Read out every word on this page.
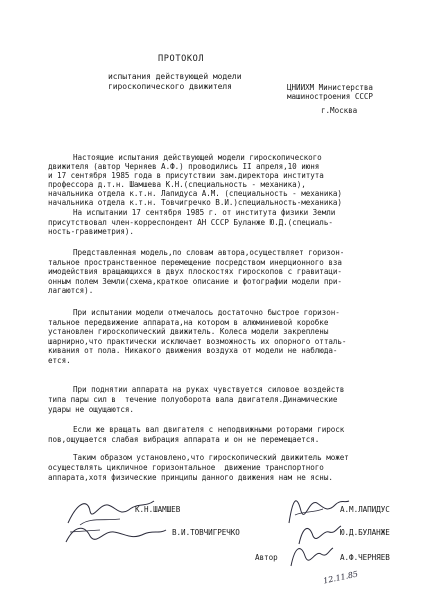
ПРОТОКОЛ
испытания действующей модели
гироскопического движителя	ЦНИИХМ Министерства
машиностроения СССР
г.Москва
Настоящие испытания действующей модели гироскопического
движителя (автор Черняев А.Ф.) проводились II апреля,10 июня
и 17 сентября 1985 года в присутствии зам.директора института
профессора д.т.н. Шамшева К.Н.(специальность - механика),
начальника отдела к.т.н. Лапидуса А.М. (специальность - механика)
начальника отдела к.т.н. Товчигречко В.И.)специальность-механика)
На испытании 17 сентября 1985 г. от института физики Земли
присутствовал член-корреспондент АН СССР Буланже Ю.Д.(специаль-
ность-гравиметрия).
Представленная модель,по словам автора,осуществляет горизон-
тальное пространственное перемещение посредством инерционного вза
имодействия вращающихся в двух плоскостях гироскопов с гравитаци-
онным полем Земли(схема,краткое описание и фотографии модели при-
лагаются).
При испытании модели отмечалось достаточно быстрое горизон-
тальное передвижение аппарата,на котором в алюминиевой коробке
установлен гироскопический движитель. Колеса модели закреплены
шарнирно,что практически исключает возможность их опорного отталь-
кивания от пола. Никакого движения воздуха от модели не наблюда-
ется.
При поднятии аппарата на руках чувствуется силовое воздейств
типа пары сил в  течение полуоборота вала двигателя.Динамические
удары не ощущаются.
Если же вращать вал двигателя с неподвижными роторами гироск
пов,ощущается слабая вибрация аппарата и он не перемещается.
Таким образом установлено,что гироскопический движитель может
осуществлять цикличное горизонтальное  движение транспортного
аппарата,хотя физические принципы данного движения нам не ясны.
К.Н.ШАМШЕВ	А.М.ЛАПИДУС
В.И.ТОВЧИГРЕЧКО	Ю.Д.БУЛАНЖЕ
Автор	А.Ф.ЧЕРНЯЕВ
12.11.85
